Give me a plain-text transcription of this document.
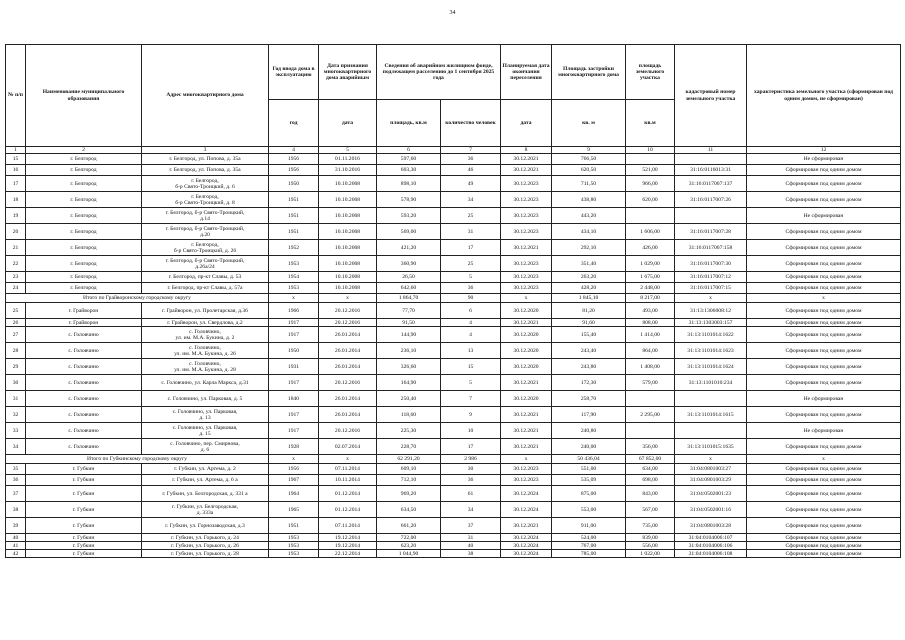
34
№ п/п	Наименование муниципального образования	Адрес многоквартирного дома	Год ввода дома в эксплуатацию	Дата признания многоквартирного дома аварийным	Сведения об аварийном жилищном фонде, подлежащем расселению до 1 сентября 2025 года		Планируемая дата окончания переселения	Площадь застройки многоквартирного дома	площадь земельного участка	кадастровый номер земельного участка	характеристика земельного участка (сформирован под одним домом, не сформирован)
			год	дата	площадь, кв.м	количество человек	дата	кв. м	кв.м		
1	2	3	4	5	6	7	8	9	10	11	12
15	г. Белгород	г. Белгород, ул. Попова, д. 35а	1956	01.11.2016	597,60	36	30.12.2021	766,50			Не сформирован
16	г. Белгород	г. Белгород, ул. Попова, д. 35а	1956	31.10.2016	603,30	46	30.12.2021	620,50	521,00	31:16:0116013:31	Сформирован под одним домом
17	г. Белгород	г. Белгород,
б-р Свято-Троицкий, д. 6	1950	10.10.2008	898,10	49	30.12.2023	711,50	966,00	31:16:0117007:137	Сформирован под одним домом
18	г. Белгород	г. Белгород,
б-р Свято-Троицкий, д. 8	1951	10.10.2008	578,90	34	30.12.2023	438,80	620,00	31:16:0117007:26	Сформирован под одним домом
19	г. Белгород	г. Белгород, б-р Свято-Троицкий,
д.14	1951	10.10.2008	593,20	25	30.12.2023	443,20			Не сформирован
20	г. Белгород	г. Белгород, б-р Свято-Троицкий,
д.20	1951	10.10.2008	569,00	31	30.12.2023	434,10	1 606,00	31:16:0117007:28	Сформирован под одним домом
21	г. Белгород	г. Белгород,
б-р Свято-Троицкий, д. 26	1952	10.10.2008	421,20	17	30.12.2021	292,10	426,00	31:16:0117007:158	Сформирован под одним домом
22	г. Белгород	г. Белгород, б-р Свято-Троицкий,
д.26а/24	1953	10.10.2008	360,90	25	30.12.2023	351,40	1 029,00	31:16:0117007:30	Сформирован под одним домом
23	г. Белгород	г. Белгород, пр-кт Славы, д. 53	1954	10.10.2008	26,50	5	30.12.2023	263,20	1 675,00	31:16:0117007:12	Сформирован под одним домом
24	г. Белгород	г. Белгород, пр-кт Славы, д. 57а	1953	10.10.2008	642,60	36	30.12.2023	428,20	2 448,00	31:16:0117007:15	Сформирован под одним домом
Итого по Грайворонскому городскому округу			x	x	1 864,70	90	x	1 845,10	8 217,00	x	x
25	г. Грайворон	г. Грайворон, ул. Пролетарская, д.36	1966	20.12.2016	77,70	6	30.12.2020	81,20	493,00	31:13:1306008:12	Сформирован под одним домом
26	г. Грайворон	г. Грайворон, ул. Свердлова, д.2	1917	20.12.2016	91,50	4	30.12.2021	91,60	808,00	31:13:1303003:157	Сформирован под одним домом
27	с. Головчино	с. Головчино,
ул. им. М.А. Букина, д. 2	1917	26.01.2014	144,90	4	30.12.2020	155,40	1 414,00	31:13:1101014:1622	Сформирован под одним домом
28	с. Головчино	с. Головчино,
ул. им. М.А. Букина, д. 26	1950	26.01.2014	236,10	13	30.12.2020	243,40	864,00	31:13:1101014:1623	Сформирован под одним домом
29	с. Головчино	с. Головчино,
ул. им. М.А. Букина, д. 28	1931	26.01.2014	326,60	15	30.12.2020	243,80	1 408,00	31:13:1101014:1624	Сформирован под одним домом
30	с. Головчино	с. Головчино, ул. Карла Маркса, д.31	1917	20.12.2016	164,90	5	30.12.2021	172,30	579,00	31:13:1101010:234	Сформирован под одним домом
31	с. Головчино	с. Головчино, ул. Парковая, д. 5	1840	26.01.2014	250,40	7	30.12.2020	258,70			Не сформирован
32	с. Головчино	с. Головчино, ул. Парковая,
д. 13	1917	26.01.2014	118,60	9	30.12.2021	117,90	2 295,00	31:13:1101014:1615	Сформирован под одним домом
33	с. Головчино	с. Головчино, ул. Парковая,
д. 15	1917	20.12.2016	225,30	10	30.12.2021	240,80			Не сформирован
34	с. Головчино	с. Головчино, пер. Смирнова,
д. 6	1928	02.07.2014	228,70	17	30.12.2021	240,00	356,00	31:13:1101015:1635	Сформирован под одним домом
Итого по Губкинскому городскому округу			x	x	62 291,20	2 986	x	50 436,04	67 852,00	x	x
35	г. Губкин	г. Губкин, ул. Артема, д. 2	1956	07.11.2014	609,10	30	30.12.2023	551,00	634,00	31:04:0801003:27	Сформирован под одним домом
36	г. Губкин	г. Губкин, ул. Артема, д. 6 а	1967	10.11.2014	712,10	36	30.12.2023	535,09	698,00	31:04:0801003:29	Сформирован под одним домом
37	г. Губкин	г. Губкин, ул. Белгородская, д. 331 а	1964	01.12.2014	969,20	61	30.12.2024	875,00	843,00	31:04:0502001:23	Сформирован под одним домом
38	г. Губкин	г. Губкин, ул. Белгородская,
д. 333а	1965	01.12.2014	634,50	34	30.12.2024	553,00	567,00	31:04:0502001:16	Сформирован под одним домом
39	г. Губкин	г. Губкин, ул. Горнозаводская, д.3	1951	07.11.2014	661,20	37	30.12.2021	911,00	735,00	31:04:0801003:28	Сформирован под одним домом
40	г. Губкин	г. Губкин, ул. Горького, д. 24	1953	19.12.2014	722,00	31	30.12.2024	524,00	839,00	31:04:0104006:107	Сформирован под одним домом
41	г. Губкин	г. Губкин, ул. Горького, д. 26	1953	19.12.2014	623,20	40	30.12.2024	767,00	556,00	31:04:0104006:106	Сформирован под одним домом
42	г. Губкин	г. Губкин, ул. Горького, д. 28	1953	22.12.2014	1 044,90	38	30.12.2024	785,00	1 022,00	31:04:0104006:108	Сформирован под одним домом
